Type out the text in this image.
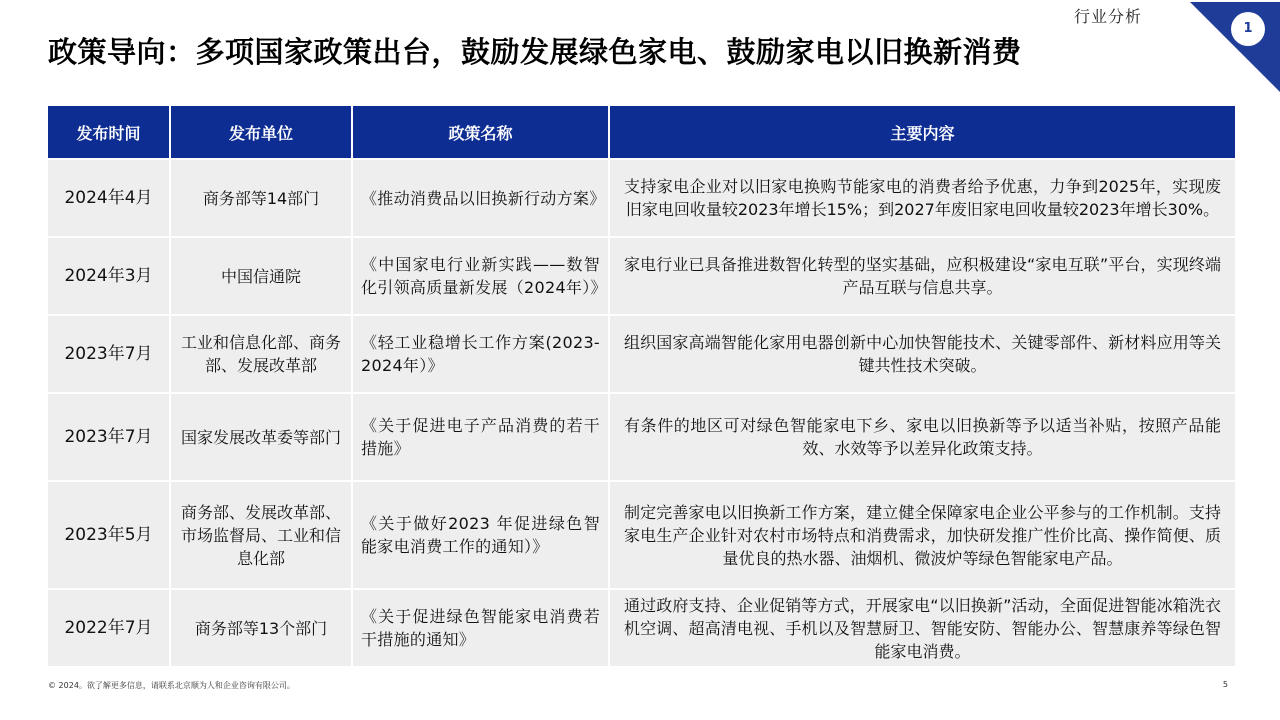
行业分析
1
政策导向：多项国家政策出台，鼓励发展绿色家电、鼓励家电以旧换新消费
发布时间	发布单位	政策名称	主要内容
2024年4月	商务部等14部门	《推动消费品以旧换新行动方案》	支持家电企业对以旧家电换购节能家电的消费者给予优惠，力争到2025年，实现废旧家电回收量较2023年增长15%；到2027年废旧家电回收量较2023年增长30%。
2024年3月	中国信通院	《中国家电行业新实践——数智化引领高质量新发展（2024年）》	家电行业已具备推进数智化转型的坚实基础，应积极建设“家电互联”平台，实现终端产品互联与信息共享。
2023年7月	工业和信息化部、商务部、发展改革部	《轻工业稳增长工作方案(2023-2024年）》	组织国家高端智能化家用电器创新中心加快智能技术、关键零部件、新材料应用等关键共性技术突破。
2023年7月	国家发展改革委等部门	《关于促进电子产品消费的若干措施》	有条件的地区可对绿色智能家电下乡、家电以旧换新等予以适当补贴，按照产品能效、水效等予以差异化政策支持。
2023年5月	商务部、发展改革部、市场监督局、工业和信息化部	《关于做好2023 年促进绿色智能家电消费工作的通知）》	制定完善家电以旧换新工作方案，建立健全保障家电企业公平参与的工作机制。支持家电生产企业针对农村市场特点和消费需求，加快研发推广性价比高、操作简便、质量优良的热水器、油烟机、微波炉等绿色智能家电产品。
2022年7月	商务部等13个部门	《关于促进绿色智能家电消费若干措施的通知》	通过政府支持、企业促销等方式，开展家电“以旧换新”活动，全面促进智能冰箱洗衣机空调、超高清电视、手机以及智慧厨卫、智能安防、智能办公、智慧康养等绿色智能家电消费。
© 2024。欲了解更多信息，请联系北京顺为人和企业咨询有限公司。	5
